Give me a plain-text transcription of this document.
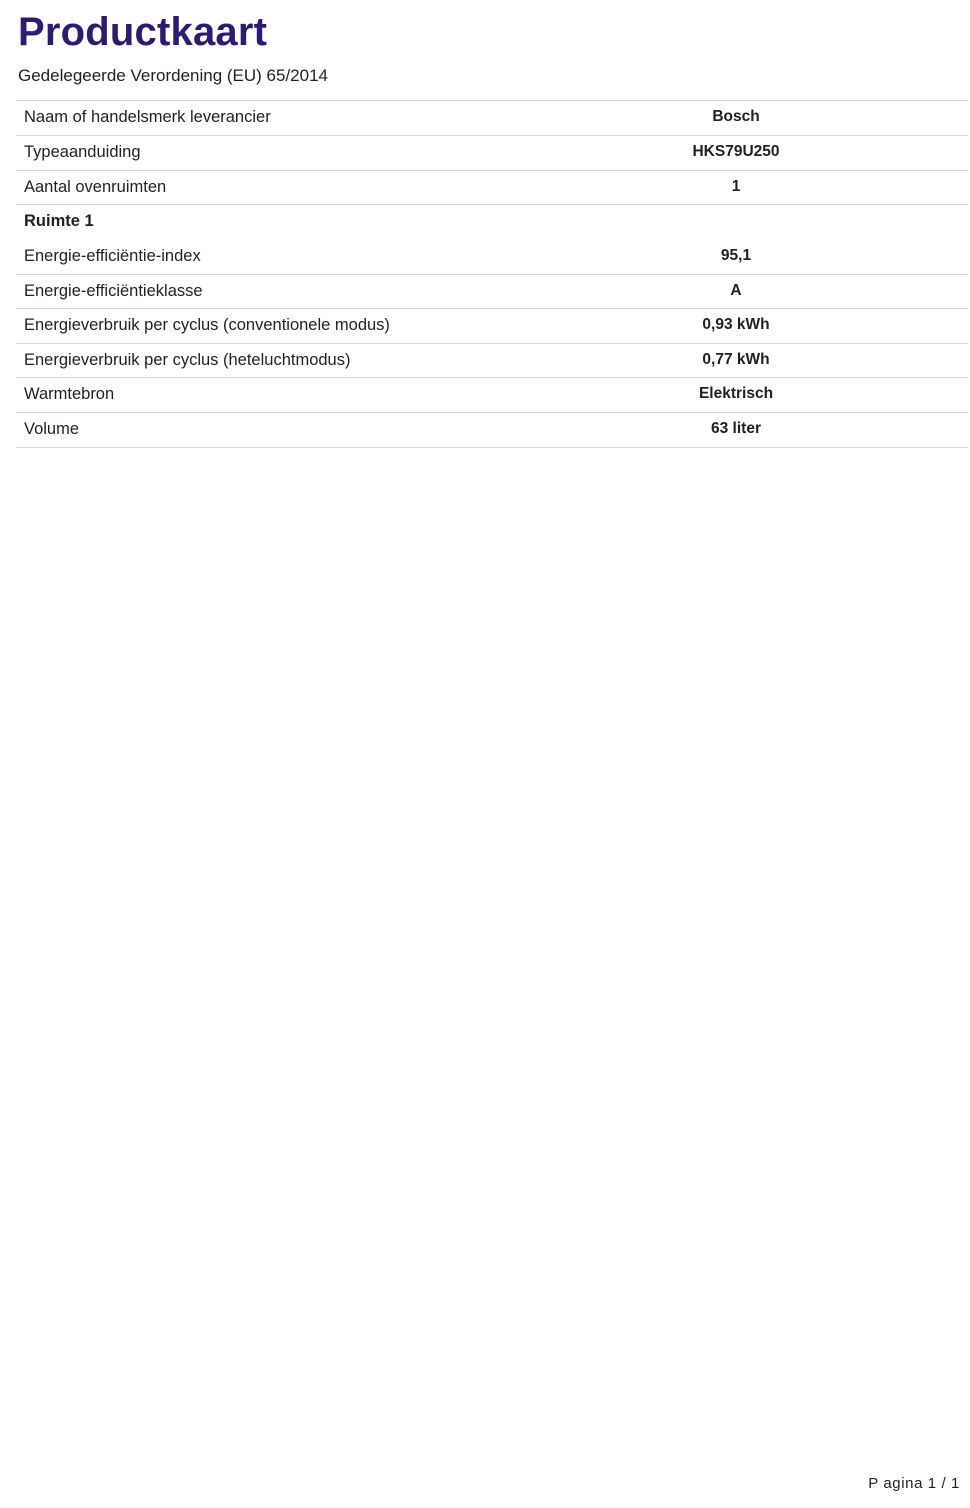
Productkaart
Gedelegeerde Verordening (EU) 65/2014
Naam of handelsmerk leverancier	Bosch
Typeaanduiding	HKS79U250
Aantal ovenruimten	1
Ruimte 1	
Energie-efficiëntie-index	95,1
Energie-efficiëntieklasse	A
Energieverbruik per cyclus (conventionele modus)	0,93 kWh
Energieverbruik per cyclus (heteluchtmodus)	0,77 kWh
Warmtebron	Elektrisch
Volume	63 liter
P agina 1 / 1
